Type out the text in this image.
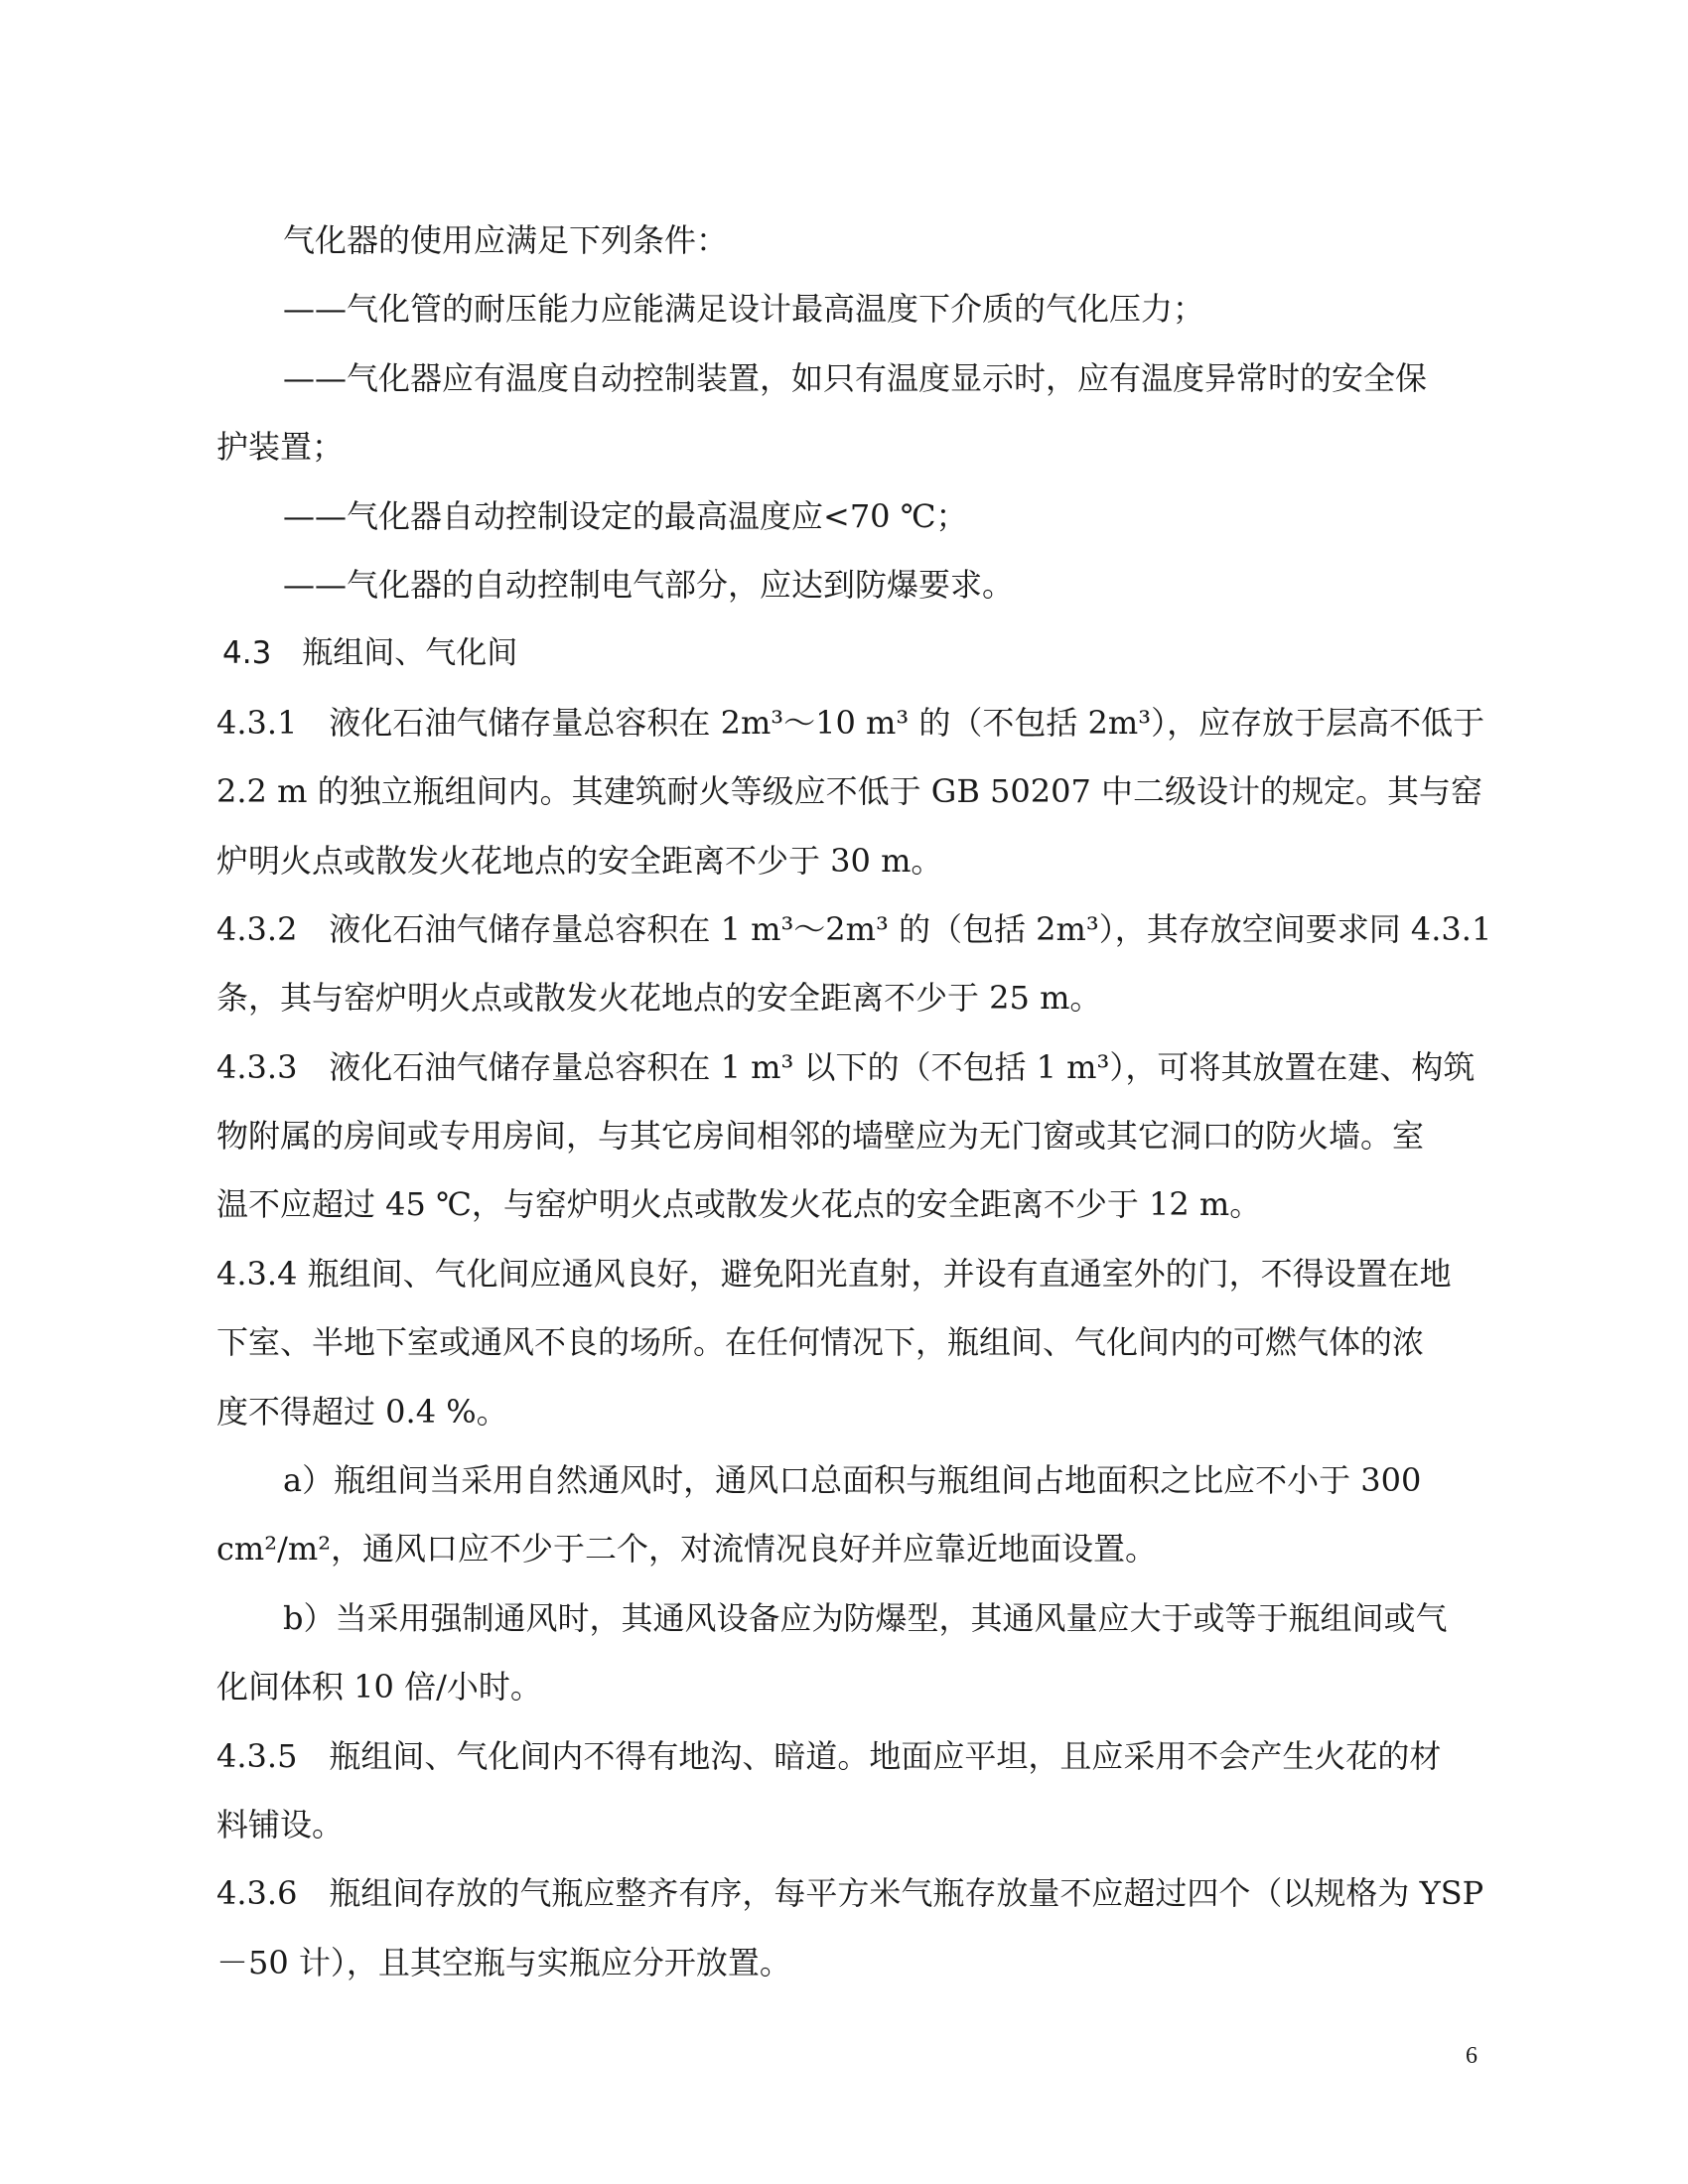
气化器的使用应满足下列条件：
——气化管的耐压能力应能满足设计最高温度下介质的气化压力；
——气化器应有温度自动控制装置，如只有温度显示时，应有温度异常时的安全保
护装置；
——气化器自动控制设定的最高温度应<70 ℃；
——气化器的自动控制电气部分，应达到防爆要求。
4.3　瓶组间、气化间
4.3.1　液化石油气储存量总容积在 2m³～10 m³ 的（不包括 2m³），应存放于层高不低于
2.2 m 的独立瓶组间内。其建筑耐火等级应不低于 GB 50207 中二级设计的规定。其与窑
炉明火点或散发火花地点的安全距离不少于 30 m。
4.3.2　液化石油气储存量总容积在 1 m³～2m³ 的（包括 2m³），其存放空间要求同 4.3.1
条，其与窑炉明火点或散发火花地点的安全距离不少于 25 m。
4.3.3　液化石油气储存量总容积在 1 m³ 以下的（不包括 1 m³），可将其放置在建、构筑
物附属的房间或专用房间，与其它房间相邻的墙壁应为无门窗或其它洞口的防火墙。室
温不应超过 45 ℃，与窑炉明火点或散发火花点的安全距离不少于 12 m。
4.3.4 瓶组间、气化间应通风良好，避免阳光直射，并设有直通室外的门，不得设置在地
下室、半地下室或通风不良的场所。在任何情况下，瓶组间、气化间内的可燃气体的浓
度不得超过 0.4 %。
a）瓶组间当采用自然通风时，通风口总面积与瓶组间占地面积之比应不小于 300
cm²/m²，通风口应不少于二个，对流情况良好并应靠近地面设置。
b）当采用强制通风时，其通风设备应为防爆型，其通风量应大于或等于瓶组间或气
化间体积 10 倍/小时。
4.3.5　瓶组间、气化间内不得有地沟、暗道。地面应平坦，且应采用不会产生火花的材
料铺设。
4.3.6　瓶组间存放的气瓶应整齐有序，每平方米气瓶存放量不应超过四个（以规格为 YSP
－50 计），且其空瓶与实瓶应分开放置。
6
